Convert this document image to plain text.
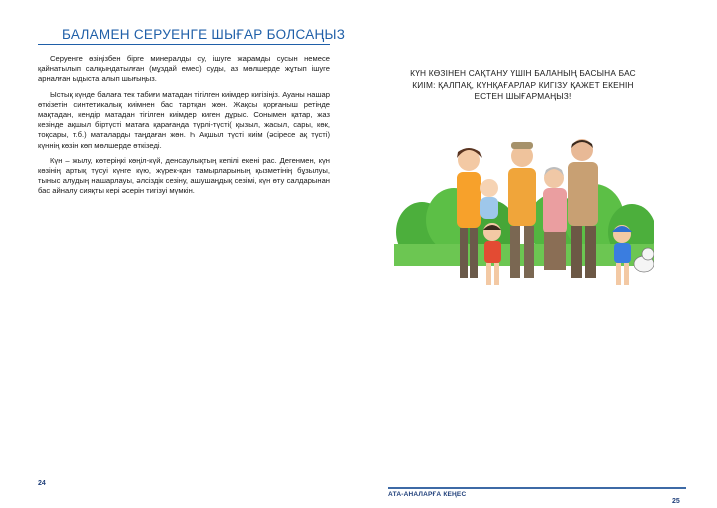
БАЛАМЕН СЕРУЕНГЕ ШЫҒАР БОЛСАҢЫЗ

Серуенге өзіңізбен бірге минералды су, ішуге жарамды сусын немесе қайнатылып салқындатылған (мұздай емес) суды, аз мөлшерде жұтып ішуге арналған ыдыста алып шығыңыз.

Ыстық күнде балаға тек табиғи матадан тігілген киімдер кигізіңіз. Ауаны нашар өткізетін синтетикалық киімнен бас тартқан жөн. Жақсы қорғаныш ретінде мақтадан, кендір матадан тігілген киімдер киген дұрыс. Сонымен қатар, жаз кезінде ақшыл біртүсті матаға қарағанда түрлі-түсті( қызыл, жасыл, сары, көк, тоқсары, т.б.) маталарды таңдаған жөн. Һ Ақшыл түсті киім (әсіресе ақ түсті) күннің көзін көп мөлшерде өткізеді.

Күн – жылу, көтеріңкі көңіл-күй, денсаулықтың кепілі екені рас. Дегенмен, күн көзінің артық түсуі күнге күю, жүрек-қан тамырларының қызметінің бұзылуы, тыныс алудың нашарлауы, әлсіздік сезіну, ашушаңдық сезімі, күн өту салдарынан бас айналу сияқты кері әсерін тигізуі мүмкін.

24
КҮН КӨЗІНЕН САҚТАНУ ҮШІН БАЛАНЫҢ БАСЫНА БАС КИІМ: ҚАЛПАҚ, КҮНҚАҒАРЛАР КИГІЗУ ҚАЖЕТ ЕКЕНІН ЕСТЕН ШЫҒАРМАҢЫЗ!
АТА-АНАЛАРҒА КЕҢЕС
25
